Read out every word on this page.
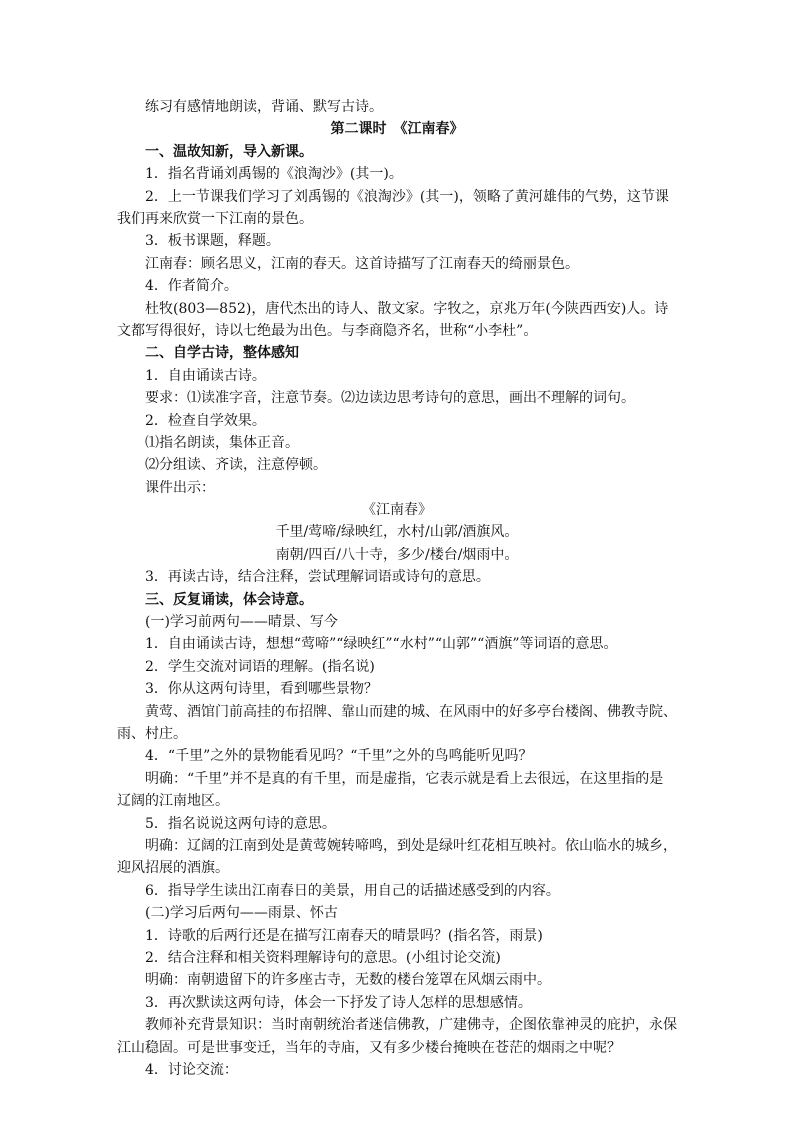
练习有感情地朗读，背诵、默写古诗。
第二课时　《江南春》
一、温故知新，导入新课。
1．指名背诵刘禹锡的《浪淘沙》(其一)。
2．上一节课我们学习了刘禹锡的《浪淘沙》(其一)，领略了黄河雄伟的气势，这节课我们再来欣赏一下江南的景色。
3．板书课题，释题。
江南春：顾名思义，江南的春天。这首诗描写了江南春天的绮丽景色。
4．作者简介。
杜牧(803—852)，唐代杰出的诗人、散文家。字牧之，京兆万年(今陕西西安)人。诗文都写得很好，诗以七绝最为出色。与李商隐齐名，世称“小李杜”。
二、自学古诗，整体感知
1．自由诵读古诗。
要求：⑴读准字音，注意节奏。⑵边读边思考诗句的意思，画出不理解的词句。
2．检查自学效果。
⑴指名朗读，集体正音。
⑵分组读、齐读，注意停顿。
课件出示：
《江南春》
千里/莺啼/绿映红，水村/山郭/酒旗风。
南朝/四百/八十寺，多少/楼台/烟雨中。
3．再读古诗，结合注释，尝试理解词语或诗句的意思。
三、反复诵读，体会诗意。
(一)学习前两句——晴景、写今
1．自由诵读古诗，想想“莺啼”“绿映红”“水村”“山郭”“酒旗”等词语的意思。
2．学生交流对词语的理解。(指名说)
3．你从这两句诗里，看到哪些景物？
黄莺、酒馆门前高挂的布招牌、靠山而建的城、在风雨中的好多亭台楼阁、佛教寺院、雨、村庄。
4．“千里”之外的景物能看见吗？“千里”之外的鸟鸣能听见吗？
明确：“千里”并不是真的有千里，而是虚指，它表示就是看上去很远，在这里指的是辽阔的江南地区。
5．指名说说这两句诗的意思。
明确：辽阔的江南到处是黄莺婉转啼鸣，到处是绿叶红花相互映衬。依山临水的城乡，迎风招展的酒旗。
6．指导学生读出江南春日的美景，用自己的话描述感受到的内容。
(二)学习后两句——雨景、怀古
1．诗歌的后两行还是在描写江南春天的晴景吗？(指名答，雨景)
2．结合注释和相关资料理解诗句的意思。(小组讨论交流)
明确：南朝遗留下的许多座古寺，无数的楼台笼罩在风烟云雨中。
3．再次默读这两句诗，体会一下抒发了诗人怎样的思想感情。
教师补充背景知识：当时南朝统治者迷信佛教，广建佛寺，企图依靠神灵的庇护，永保江山稳固。可是世事变迁，当年的寺庙，又有多少楼台掩映在苍茫的烟雨之中呢？
4．讨论交流：
